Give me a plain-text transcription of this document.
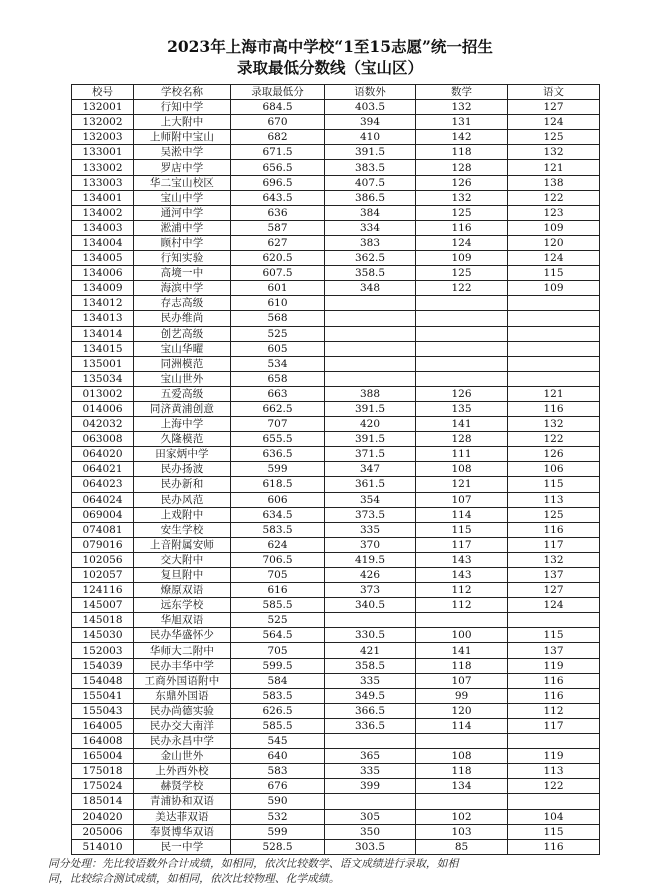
2023年上海市高中学校“1至15志愿”统一招生
录取最低分数线（宝山区）
校号	学校名称	录取最低分	语数外	数学	语文
132001	行知中学	684.5	403.5	132	127
132002	上大附中	670	394	131	124
132003	上师附中宝山	682	410	142	125
133001	吴淞中学	671.5	391.5	118	132
133002	罗店中学	656.5	383.5	128	121
133003	华二宝山校区	696.5	407.5	126	138
134001	宝山中学	643.5	386.5	132	122
134002	通河中学	636	384	125	123
134003	淞浦中学	587	334	116	109
134004	顾村中学	627	383	124	120
134005	行知实验	620.5	362.5	109	124
134006	高境一中	607.5	358.5	125	115
134009	海滨中学	601	348	122	109
134012	存志高级	610			
134013	民办维尚	568			
134014	创艺高级	525			
134015	宝山华曜	605			
135001	同洲模范	534			
135034	宝山世外	658			
013002	五爱高级	663	388	126	121
014006	同济黄浦创意	662.5	391.5	135	116
042032	上海中学	707	420	141	132
063008	久隆模范	655.5	391.5	128	122
064020	田家炳中学	636.5	371.5	111	126
064021	民办扬波	599	347	108	106
064023	民办新和	618.5	361.5	121	115
064024	民办风范	606	354	107	113
069004	上戏附中	634.5	373.5	114	125
074081	安生学校	583.5	335	115	116
079016	上音附属安师	624	370	117	117
102056	交大附中	706.5	419.5	143	132
102057	复旦附中	705	426	143	137
124116	燎原双语	616	373	112	127
145007	远东学校	585.5	340.5	112	124
145018	华旭双语	525			
145030	民办华盛怀少	564.5	330.5	100	115
152003	华师大二附中	705	421	141	137
154039	民办丰华中学	599.5	358.5	118	119
154048	工商外国语附中	584	335	107	116
155041	东鼎外国语	583.5	349.5	99	116
155043	民办尚德实验	626.5	366.5	120	112
164005	民办交大南洋	585.5	336.5	114	117
164008	民办永昌中学	545			
165004	金山世外	640	365	108	119
175018	上外西外校	583	335	118	113
175024	赫贤学校	676	399	134	122
185014	青浦协和双语	590			
204020	美达菲双语	532	305	102	104
205006	奉贤博华双语	599	350	103	115
514010	民一中学	528.5	303.5	85	116
同分处理：先比较语数外合计成绩，如相同，依次比较数学、语文成绩进行录取，如相
同，比较综合测试成绩，如相同，依次比较物理、化学成绩。
